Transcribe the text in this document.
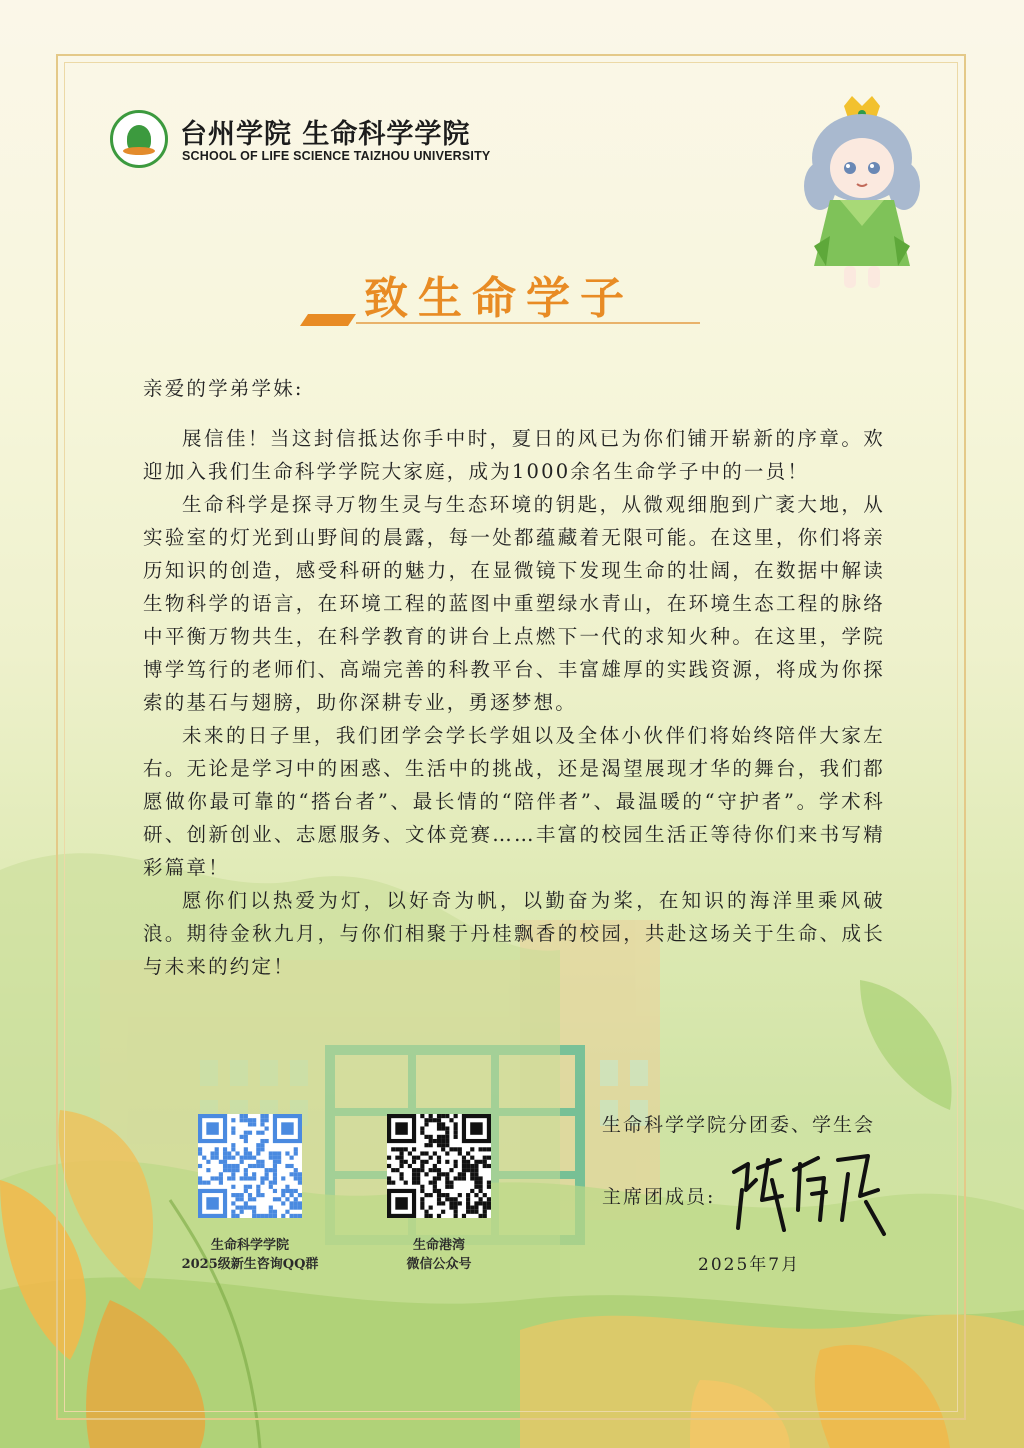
台州学院 生命科学学院
SCHOOL OF LIFE SCIENCE TAIZHOU UNIVERSITY
致生命学子

亲爱的学弟学妹:

展信佳！当这封信抵达你手中时，夏日的风已为你们铺开崭新的序章。欢迎加入我们生命科学学院大家庭，成为1000余名生命学子中的一员！

生命科学是探寻万物生灵与生态环境的钥匙，从微观细胞到广袤大地，从实验室的灯光到山野间的晨露，每一处都蕴藏着无限可能。在这里，你们将亲历知识的创造，感受科研的魅力，在显微镜下发现生命的壮阔，在数据中解读生物科学的语言，在环境工程的蓝图中重塑绿水青山，在环境生态工程的脉络中平衡万物共生，在科学教育的讲台上点燃下一代的求知火种。在这里，学院博学笃行的老师们、高端完善的科教平台、丰富雄厚的实践资源，将成为你探索的基石与翅膀，助你深耕专业，勇逐梦想。

未来的日子里，我们团学会学长学姐以及全体小伙伴们将始终陪伴大家左右。无论是学习中的困惑、生活中的挑战，还是渴望展现才华的舞台，我们都愿做你最可靠的“搭台者”、最长情的“陪伴者”、最温暖的“守护者”。学术科研、创新创业、志愿服务、文体竞赛……丰富的校园生活正等待你们来书写精彩篇章！

愿你们以热爱为灯，以好奇为帆，以勤奋为桨，在知识的海洋里乘风破浪。期待金秋九月，与你们相聚于丹桂飘香的校园，共赴这场关于生命、成长与未来的约定！

生命科学学院
2025级新生咨询QQ群
生命港湾
微信公众号
生命科学学院分团委、学生会
主席团成员:
2025年7月
